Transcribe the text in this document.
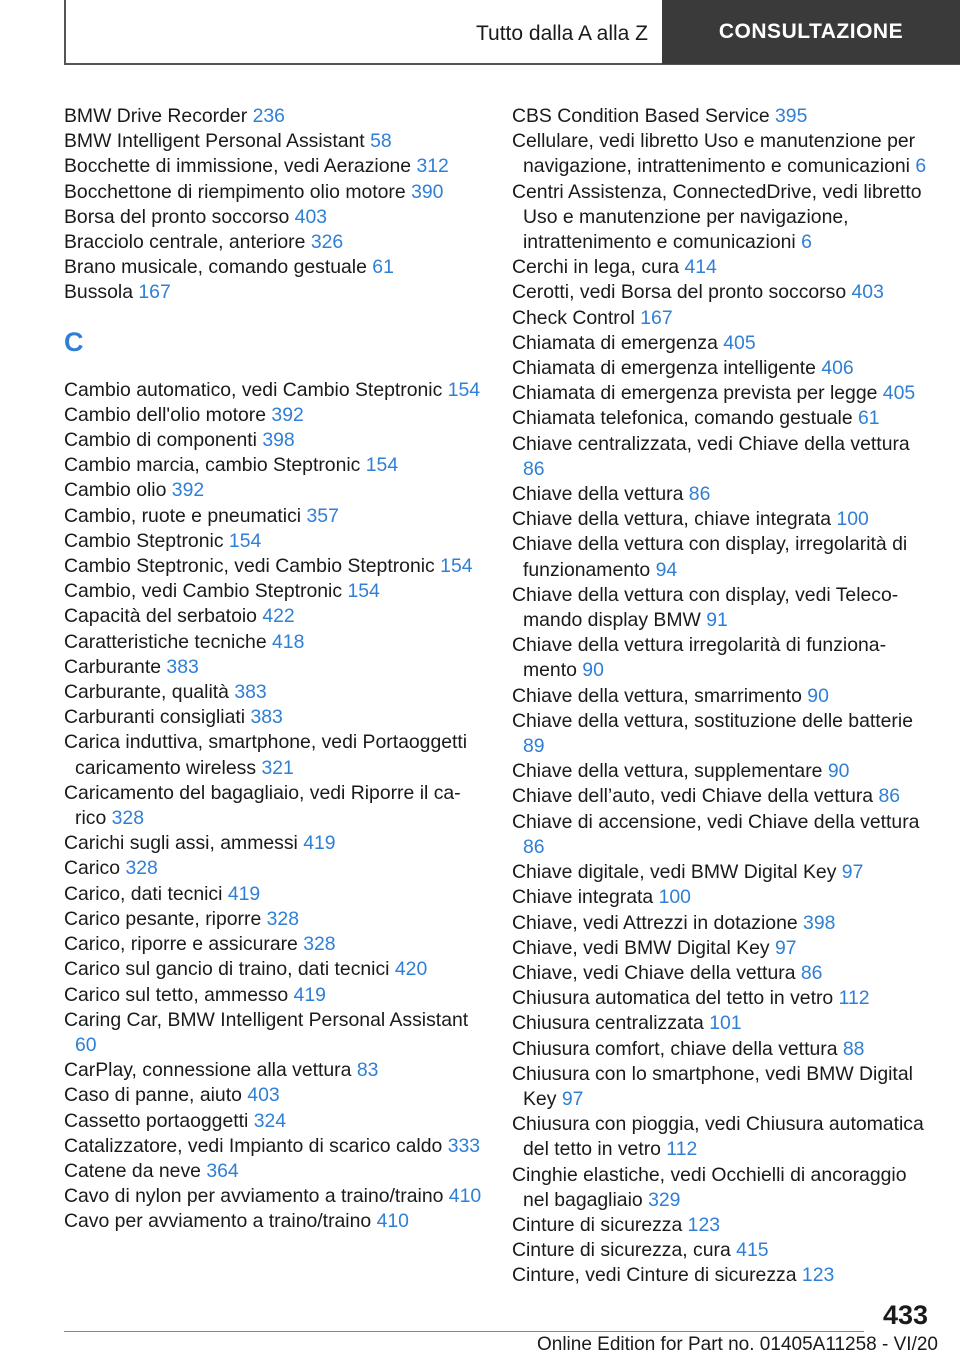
Tutto dalla A alla Z	CONSULTAZIONE
BMW Drive Recorder 236
BMW Intelligent Personal Assistant 58
Bocchette di immissione, vedi Aerazione 312
Bocchettone di riempimento olio motore 390
Borsa del pronto soccorso 403
Bracciolo centrale, anteriore 326
Brano musicale, comando gestuale 61
Bussola 167
C
Cambio automatico, vedi Cambio Steptronic 154
Cambio dell'olio motore 392
Cambio di componenti 398
Cambio marcia, cambio Steptronic 154
Cambio olio 392
Cambio, ruote e pneumatici 357
Cambio Steptronic 154
Cambio Steptronic, vedi Cambio Steptronic 154
Cambio, vedi Cambio Steptronic 154
Capacità del serbatoio 422
Caratteristiche tecniche 418
Carburante 383
Carburante, qualità 383
Carburanti consigliati 383
Carica induttiva, smartphone, vedi Portaoggetti caricamento wireless 321
Caricamento del bagagliaio, vedi Riporre il carico 328
Carichi sugli assi, ammessi 419
Carico 328
Carico, dati tecnici 419
Carico pesante, riporre 328
Carico, riporre e assicurare 328
Carico sul gancio di traino, dati tecnici 420
Carico sul tetto, ammesso 419
Caring Car, BMW Intelligent Personal Assistant 60
CarPlay, connessione alla vettura 83
Caso di panne, aiuto 403
Cassetto portaoggetti 324
Catalizzatore, vedi Impianto di scarico caldo 333
Catene da neve 364
Cavo di nylon per avviamento a traino/traino 410
Cavo per avviamento a traino/traino 410
CBS Condition Based Service 395
Cellulare, vedi libretto Uso e manutenzione per navigazione, intrattenimento e comunicazioni 6
Centri Assistenza, ConnectedDrive, vedi libretto Uso e manutenzione per navigazione, intrattenimento e comunicazioni 6
Cerchi in lega, cura 414
Cerotti, vedi Borsa del pronto soccorso 403
Check Control 167
Chiamata di emergenza 405
Chiamata di emergenza intelligente 406
Chiamata di emergenza prevista per legge 405
Chiamata telefonica, comando gestuale 61
Chiave centralizzata, vedi Chiave della vettura 86
Chiave della vettura 86
Chiave della vettura, chiave integrata 100
Chiave della vettura con display, irregolarità di funzionamento 94
Chiave della vettura con display, vedi Telecomando display BMW 91
Chiave della vettura irregolarità di funzionamento 90
Chiave della vettura, smarrimento 90
Chiave della vettura, sostituzione delle batterie 89
Chiave della vettura, supplementare 90
Chiave dell’auto, vedi Chiave della vettura 86
Chiave di accensione, vedi Chiave della vettura 86
Chiave digitale, vedi BMW Digital Key 97
Chiave integrata 100
Chiave, vedi Attrezzi in dotazione 398
Chiave, vedi BMW Digital Key 97
Chiave, vedi Chiave della vettura 86
Chiusura automatica del tetto in vetro 112
Chiusura centralizzata 101
Chiusura comfort, chiave della vettura 88
Chiusura con lo smartphone, vedi BMW Digital Key 97
Chiusura con pioggia, vedi Chiusura automatica del tetto in vetro 112
Cinghie elastiche, vedi Occhielli di ancoraggio nel bagagliaio 329
Cinture di sicurezza 123
Cinture di sicurezza, cura 415
Cinture, vedi Cinture di sicurezza 123
433
Online Edition for Part no. 01405A11258 - VI/20
